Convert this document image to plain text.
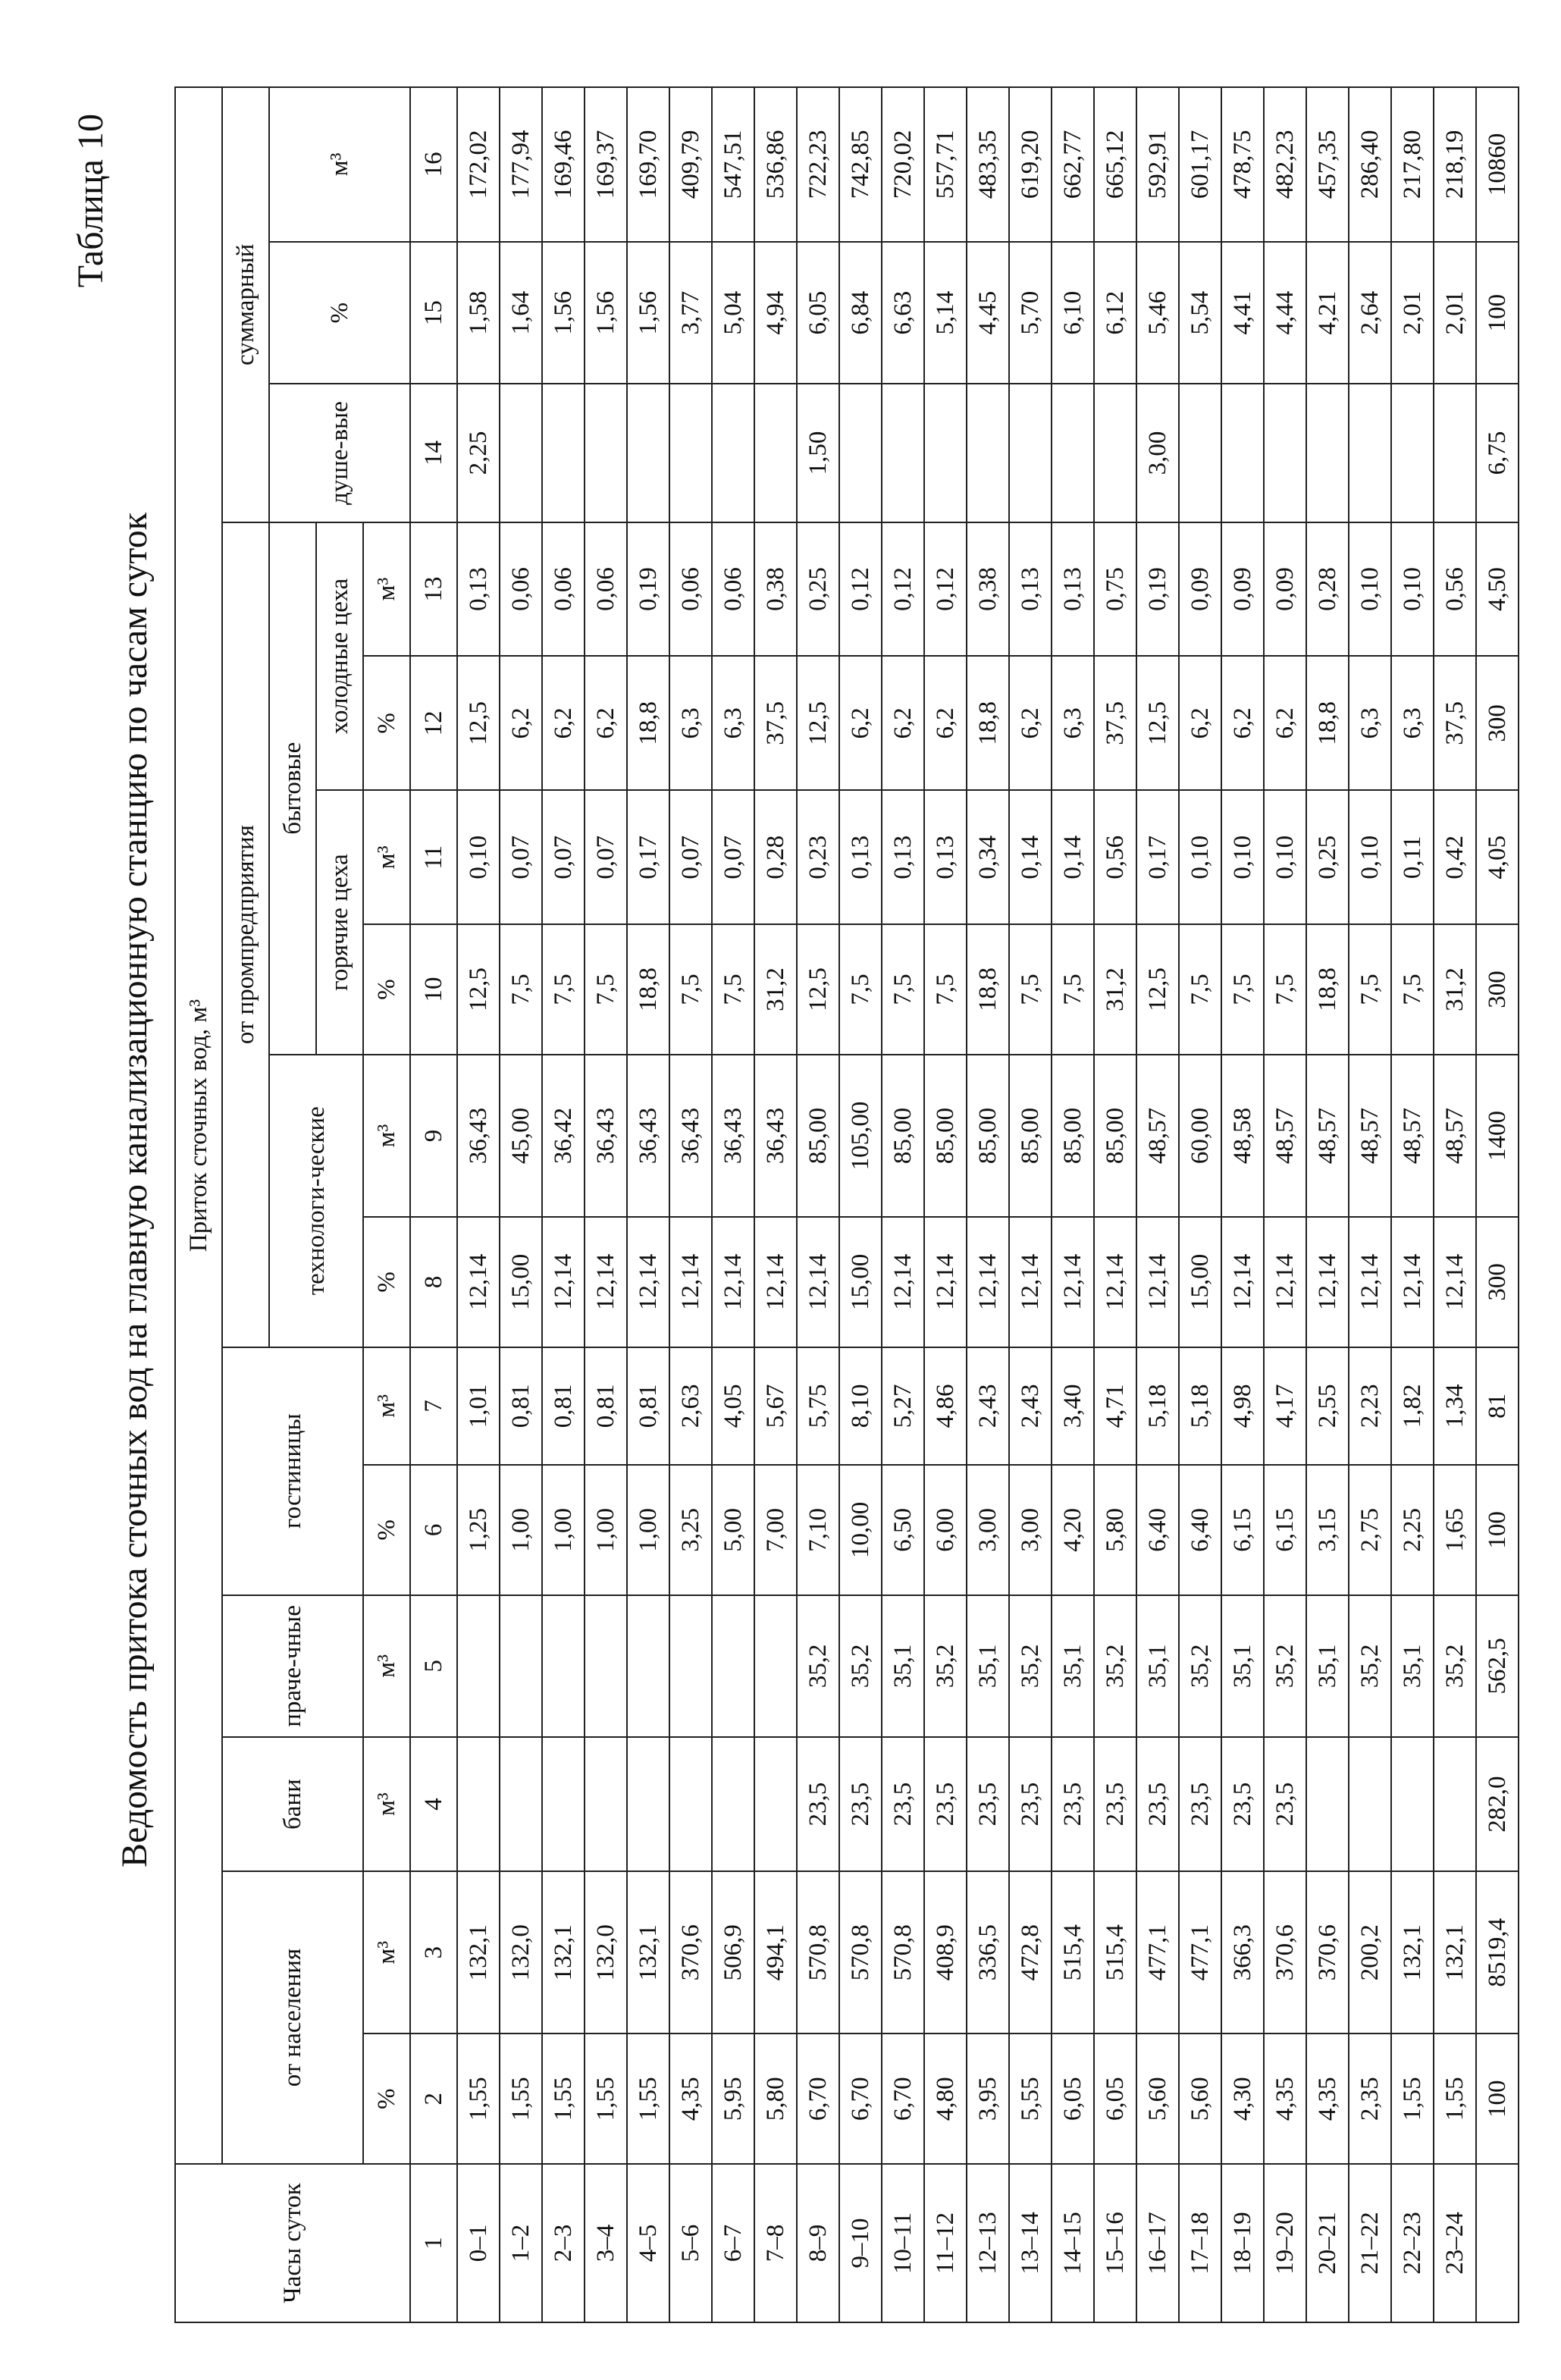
Таблица 10
Ведомость притока сточных вод на главную канализационную станцию по часам суток
Часы суток	Приток сточных вод, м³														
	от населения		бани	праче-чные	гостиницы		от промпредприятия						суммарный		
							технологи-ческие		бытовые				душе-вые	%	м³
									горячие цеха		холодные цеха				
	%	м³	м³	м³	%	м³	%	м³	%	м³	%	м³			
1	2	3	4	5	6	7	8	9	10	11	12	13	14	15	16
0–1	1,55	132,1			1,25	1,01	12,14	36,43	12,5	0,10	12,5	0,13	2,25	1,58	172,02
1–2	1,55	132,0			1,00	0,81	15,00	45,00	7,5	0,07	6,2	0,06		1,64	177,94
2–3	1,55	132,1			1,00	0,81	12,14	36,42	7,5	0,07	6,2	0,06		1,56	169,46
3–4	1,55	132,0			1,00	0,81	12,14	36,43	7,5	0,07	6,2	0,06		1,56	169,37
4–5	1,55	132,1			1,00	0,81	12,14	36,43	18,8	0,17	18,8	0,19		1,56	169,70
5–6	4,35	370,6			3,25	2,63	12,14	36,43	7,5	0,07	6,3	0,06		3,77	409,79
6–7	5,95	506,9			5,00	4,05	12,14	36,43	7,5	0,07	6,3	0,06		5,04	547,51
7–8	5,80	494,1			7,00	5,67	12,14	36,43	31,2	0,28	37,5	0,38		4,94	536,86
8–9	6,70	570,8	23,5	35,2	7,10	5,75	12,14	85,00	12,5	0,23	12,5	0,25	1,50	6,05	722,23
9–10	6,70	570,8	23,5	35,2	10,00	8,10	15,00	105,00	7,5	0,13	6,2	0,12		6,84	742,85
10–11	6,70	570,8	23,5	35,1	6,50	5,27	12,14	85,00	7,5	0,13	6,2	0,12		6,63	720,02
11–12	4,80	408,9	23,5	35,2	6,00	4,86	12,14	85,00	7,5	0,13	6,2	0,12		5,14	557,71
12–13	3,95	336,5	23,5	35,1	3,00	2,43	12,14	85,00	18,8	0,34	18,8	0,38		4,45	483,35
13–14	5,55	472,8	23,5	35,2	3,00	2,43	12,14	85,00	7,5	0,14	6,2	0,13		5,70	619,20
14–15	6,05	515,4	23,5	35,1	4,20	3,40	12,14	85,00	7,5	0,14	6,3	0,13		6,10	662,77
15–16	6,05	515,4	23,5	35,2	5,80	4,71	12,14	85,00	31,2	0,56	37,5	0,75		6,12	665,12
16–17	5,60	477,1	23,5	35,1	6,40	5,18	12,14	48,57	12,5	0,17	12,5	0,19	3,00	5,46	592,91
17–18	5,60	477,1	23,5	35,2	6,40	5,18	15,00	60,00	7,5	0,10	6,2	0,09		5,54	601,17
18–19	4,30	366,3	23,5	35,1	6,15	4,98	12,14	48,58	7,5	0,10	6,2	0,09		4,41	478,75
19–20	4,35	370,6	23,5	35,2	6,15	4,17	12,14	48,57	7,5	0,10	6,2	0,09		4,44	482,23
20–21	4,35	370,6		35,1	3,15	2,55	12,14	48,57	18,8	0,25	18,8	0,28		4,21	457,35
21–22	2,35	200,2		35,2	2,75	2,23	12,14	48,57	7,5	0,10	6,3	0,10		2,64	286,40
22–23	1,55	132,1		35,1	2,25	1,82	12,14	48,57	7,5	0,11	6,3	0,10		2,01	217,80
23–24	1,55	132,1		35,2	1,65	1,34	12,14	48,57	31,2	0,42	37,5	0,56		2,01	218,19
	100	8519,4	282,0	562,5	100	81	300	1400	300	4,05	300	4,50	6,75	100	10860
